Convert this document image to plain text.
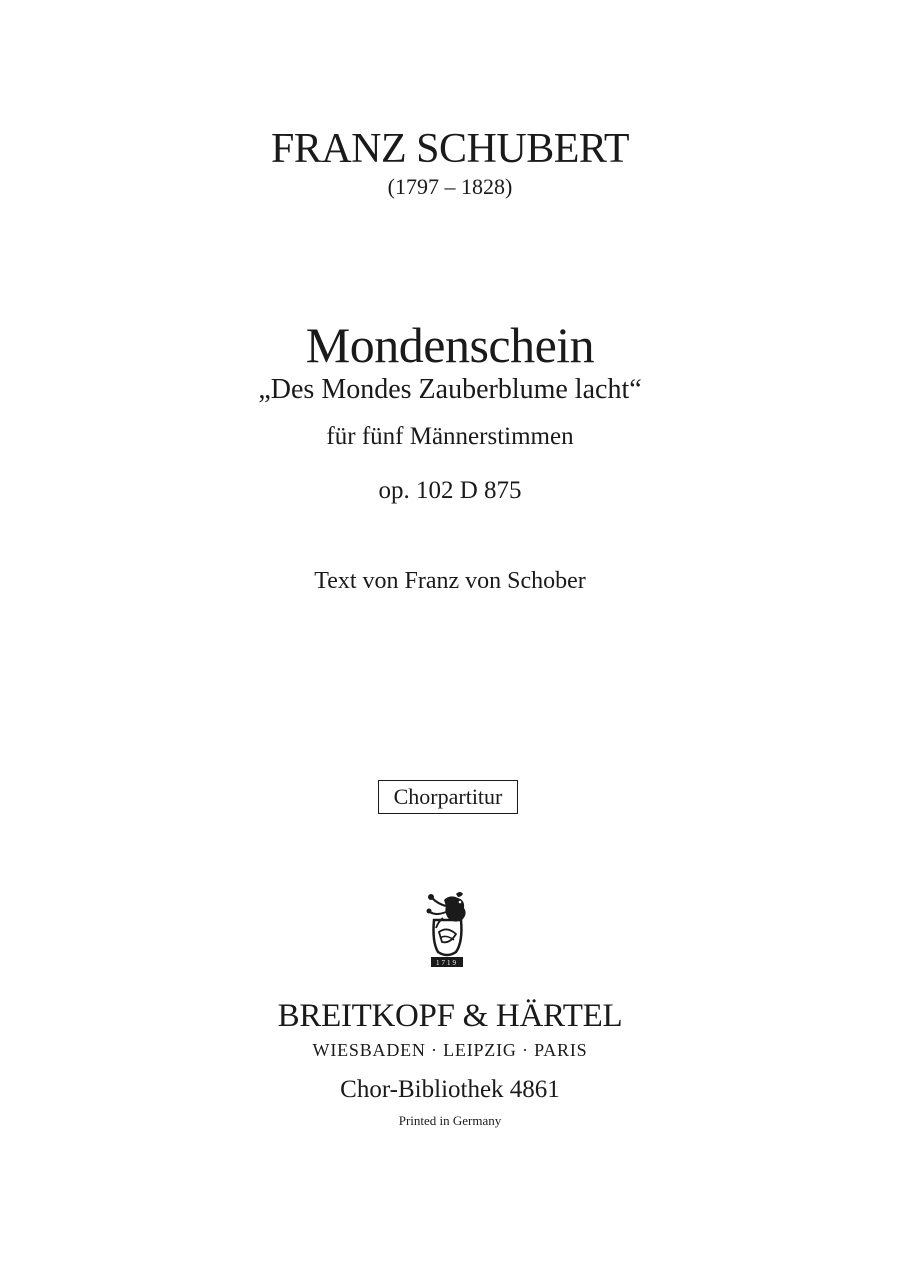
FRANZ SCHUBERT
(1797 – 1828)
Mondenschein
„Des Mondes Zauberblume lacht“
für fünf Männerstimmen
op. 102 D 875
Text von Franz von Schober
Chorpartitur
1719
BREITKOPF & HÄRTEL
WIESBADEN · LEIPZIG · PARIS
Chor-Bibliothek 4861
Printed in Germany
